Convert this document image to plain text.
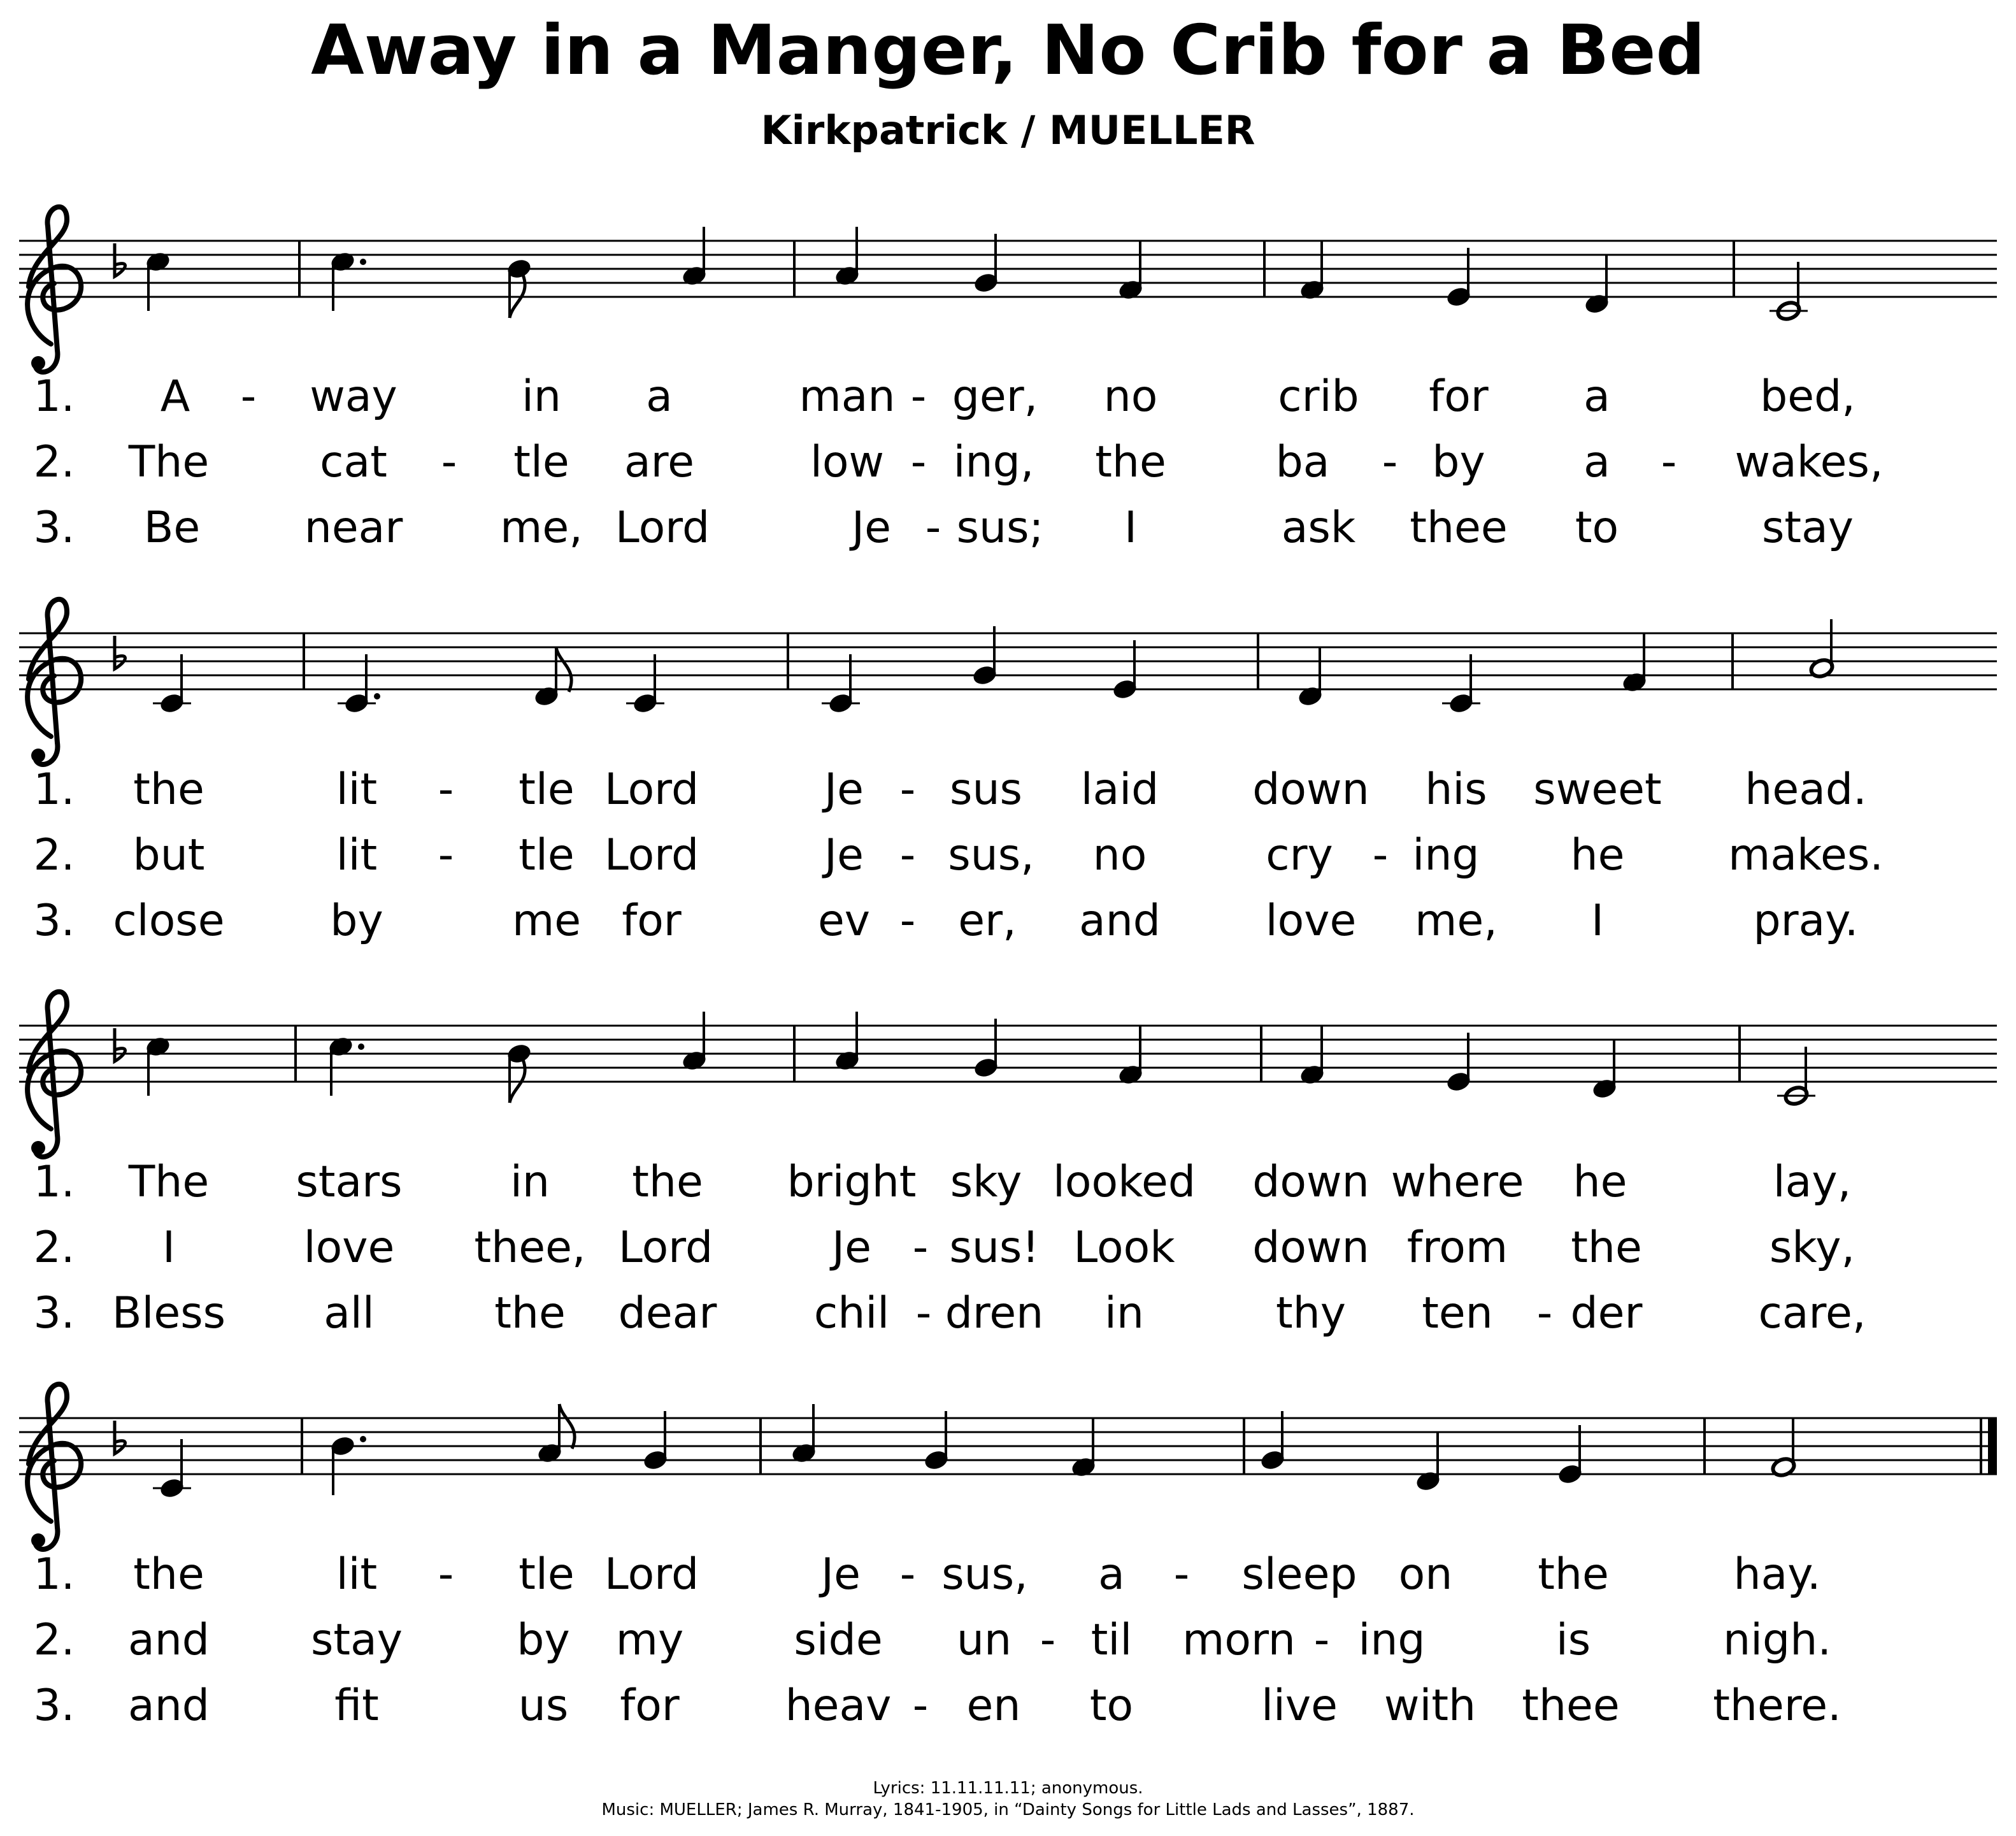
Away in a Manger, No Crib for a Bed
Kirkpatrick / MUELLER
1. A - way	in a	man - ger, no	crib for a	bed,
2. The	cat - tle are	low - ing, the	ba - by a - wakes,
3. Be near me, Lord	Je - sus; I	ask thee to	stay
1. the	lit - tle Lord	Je - sus laid down his sweet head.
2. but	lit - tle Lord	Je - sus, no	cry - ing he makes.
3. close by	me for	ev - er, and love me, I	pray.
1. The stars in the bright sky looked down where he	lay,
2. I	love thee, Lord	Je - sus! Look down from the	sky,
3. Bless all	the dear chil - dren in	thy ten - der	care,
1. the	lit - tle Lord	Je - sus, a - sleep on the	hay.
2. and stay	by my	side un - til morn - ing	is	nigh.
3. and	fit	us for heav - en to	live with thee there.
Lyrics: 11.11.11.11; anonymous.
Music: MUELLER; James R. Murray, 1841-1905, in “Dainty Songs for Little Lads and Lasses”, 1887.
